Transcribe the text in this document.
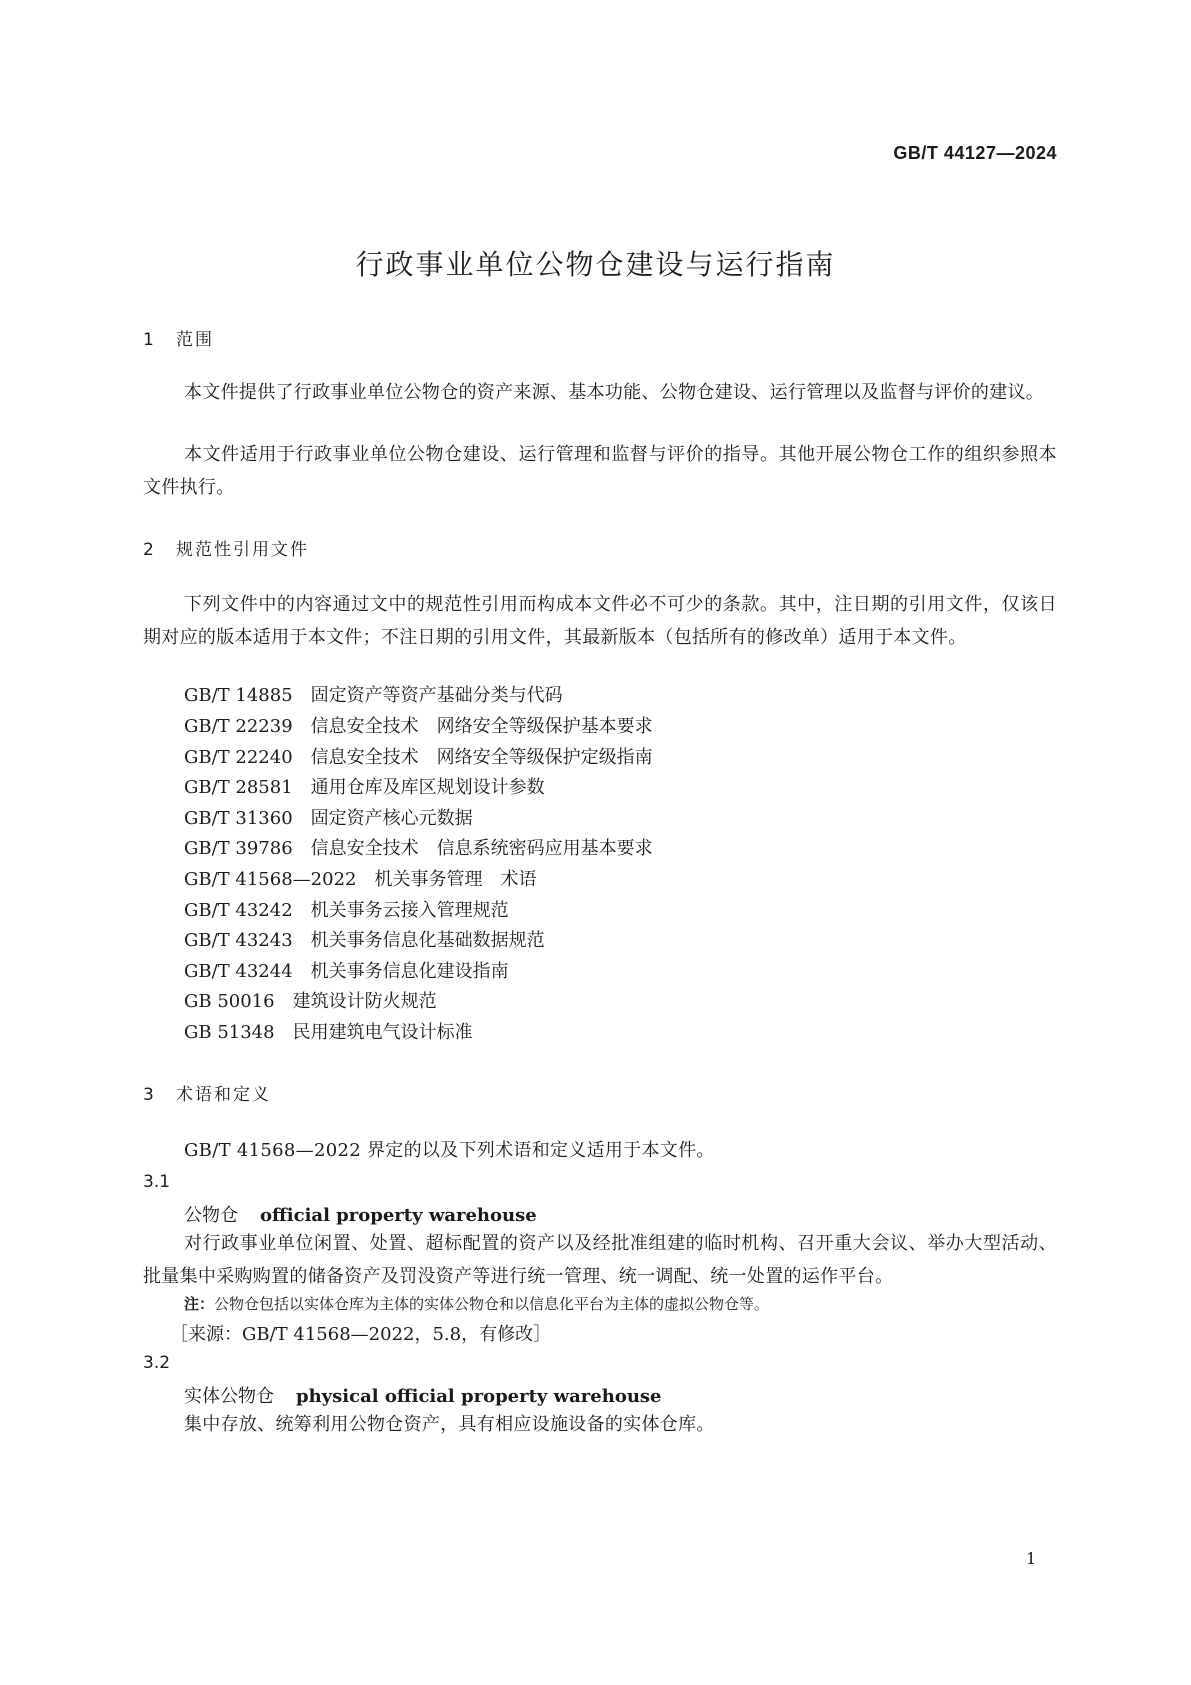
GB/T 44127—2024
行政事业单位公物仓建设与运行指南
1 范围
本文件提供了行政事业单位公物仓的资产来源、基本功能、公物仓建设、运行管理以及监督与评价的建议。
本文件适用于行政事业单位公物仓建设、运行管理和监督与评价的指导。其他开展公物仓工作的组织参照本文件执行。
2 规范性引用文件
下列文件中的内容通过文中的规范性引用而构成本文件必不可少的条款。其中，注日期的引用文件，仅该日期对应的版本适用于本文件；不注日期的引用文件，其最新版本（包括所有的修改单）适用于本文件。
GB/T 14885 固定资产等资产基础分类与代码
GB/T 22239 信息安全技术　网络安全等级保护基本要求
GB/T 22240 信息安全技术　网络安全等级保护定级指南
GB/T 28581 通用仓库及库区规划设计参数
GB/T 31360 固定资产核心元数据
GB/T 39786 信息安全技术　信息系统密码应用基本要求
GB/T 41568—2022 机关事务管理　术语
GB/T 43242 机关事务云接入管理规范
GB/T 43243 机关事务信息化基础数据规范
GB/T 43244 机关事务信息化建设指南
GB 50016 建筑设计防火规范
GB 51348 民用建筑电气设计标准
3 术语和定义
GB/T 41568—2022 界定的以及下列术语和定义适用于本文件。
3.1
公物仓 official property warehouse
对行政事业单位闲置、处置、超标配置的资产以及经批准组建的临时机构、召开重大会议、举办大型活动、批量集中采购购置的储备资产及罚没资产等进行统一管理、统一调配、统一处置的运作平台。
注：公物仓包括以实体仓库为主体的实体公物仓和以信息化平台为主体的虚拟公物仓等。
［来源：GB/T 41568—2022，5.8，有修改］
3.2
实体公物仓 physical official property warehouse
集中存放、统筹利用公物仓资产，具有相应设施设备的实体仓库。
1
